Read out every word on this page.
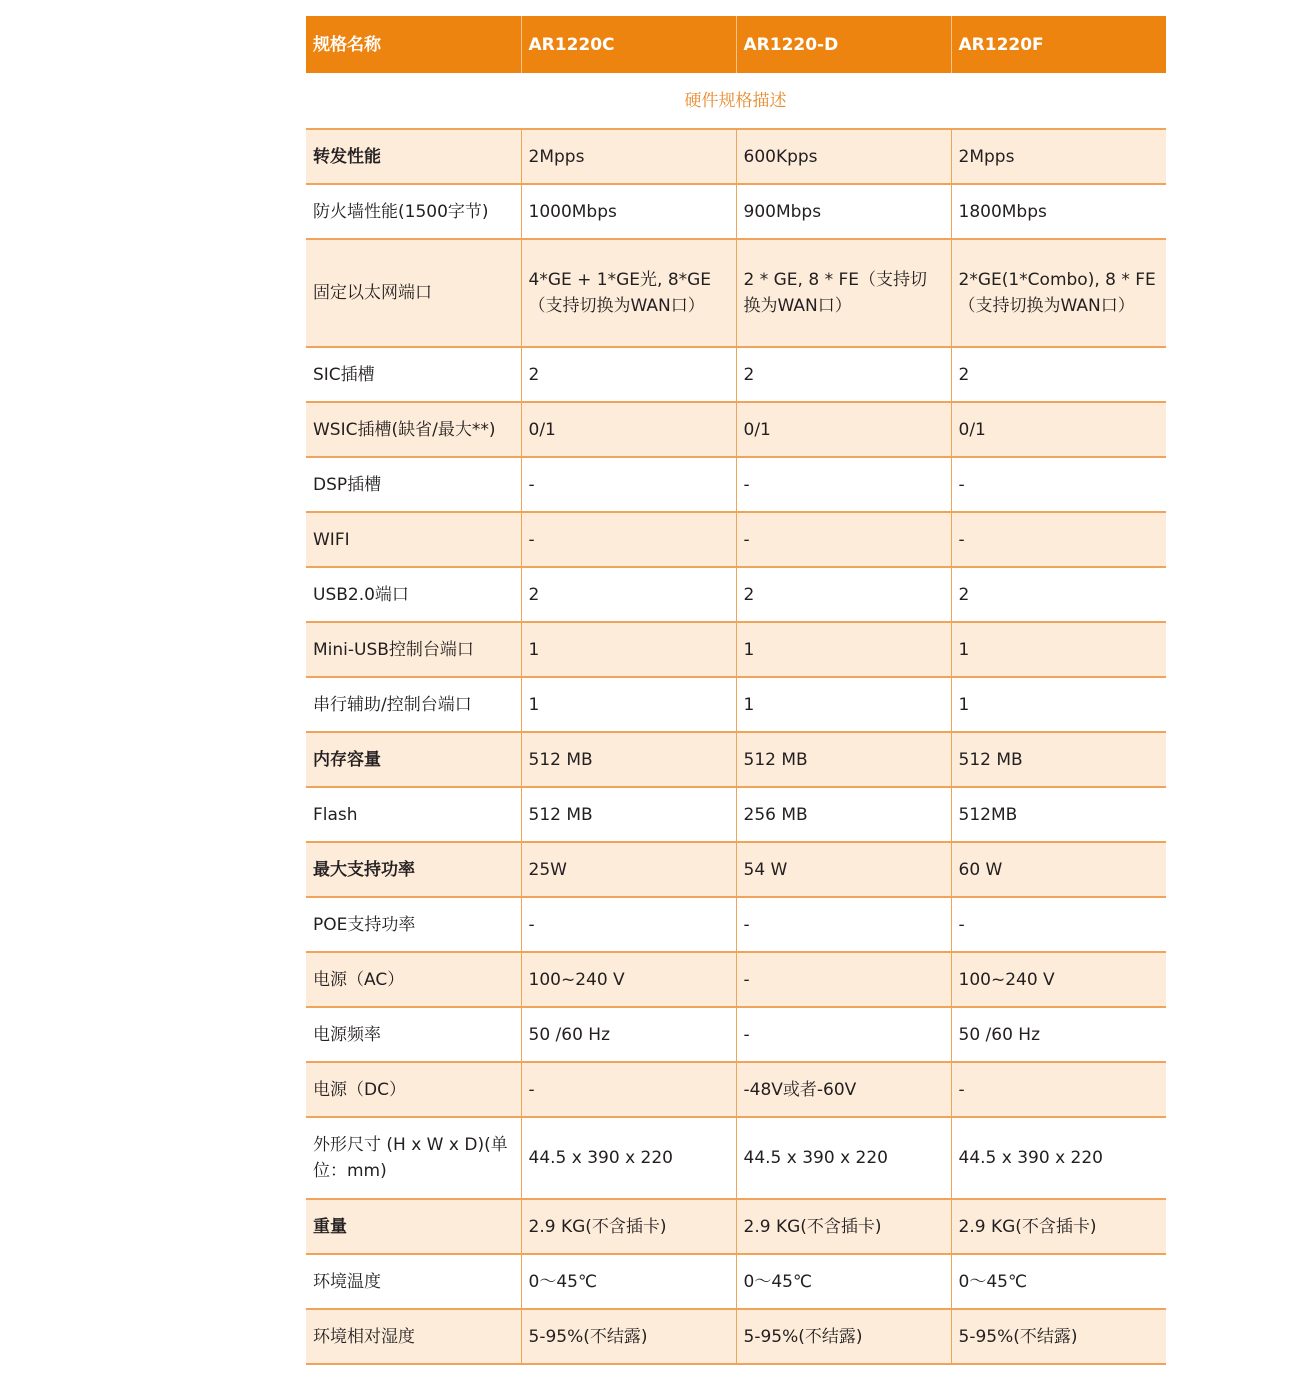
规格名称	AR1220C	AR1220-D	AR1220F
硬件规格描述			
转发性能	2Mpps	600Kpps	2Mpps
防火墙性能(1500字节)	1000Mbps	900Mbps	1800Mbps
固定以太网端口	4*GE + 1*GE光, 8*GE（支持切换为WAN口）	2 * GE, 8 * FE（支持切换为WAN口）	2*GE(1*Combo), 8 * FE（支持切换为WAN口）
SIC插槽	2	2	2
WSIC插槽(缺省/最大**)	0/1	0/1	0/1
DSP插槽	-	-	-
WIFI	-	-	-
USB2.0端口	2	2	2
Mini-USB控制台端口	1	1	1
串行辅助/控制台端口	1	1	1
内存容量	512 MB	512 MB	512 MB
Flash	512 MB	256 MB	512MB
最大支持功率	25W	54 W	60 W
POE支持功率	-	-	-
电源（AC）	100~240 V	-	100~240 V
电源频率	50 /60 Hz	-	50 /60 Hz
电源（DC）	-	-48V或者-60V	-
外形尺寸 (H x W x D)(单位：mm)	44.5 x 390 x 220	44.5 x 390 x 220	44.5 x 390 x 220
重量	2.9 KG(不含插卡)	2.9 KG(不含插卡)	2.9 KG(不含插卡)
环境温度	0～45℃	0～45℃	0～45℃
环境相对湿度	5-95%(不结露)	5-95%(不结露)	5-95%(不结露)
